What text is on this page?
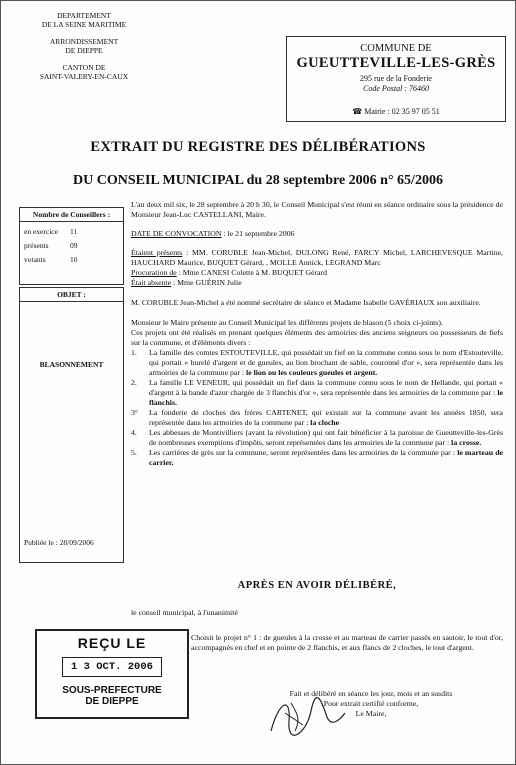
DEPARTEMENT
DE LA SEINE MARITIME
ARRONDISSEMENT
DE DIEPPE
CANTON DE
SAINT-VALERY-EN-CAUX
COMMUNE DE
GUEUTTEVILLE-LES-GRÈS
295 rue de la Fonderie
Code Postal : 76460
☎ Mairie : 02 35 97 05 51
EXTRAIT DU REGISTRE DES DÉLIBÉRATIONS
DU CONSEIL MUNICIPAL du 28 septembre 2006 n° 65/2006
Nombre de Conseillers :
en exercice	11
présents	09
votants	10
OBJET :
BLASONNEMENT
Publiée le : 28/09/2006
L'an deux mil six, le 28 septembre à 20 h 30, le Conseil Municipal s'est réuni en séance ordinaire sous la présidence de Monsieur Jean-Luc CASTELLANI, Maire.
DATE DE CONVOCATION : le 21 septembre 2006
Étaient présents : MM. CORUBLE Jean-Michel, DULONG René, FARCY Michel, LARCHEVESQUE Martine, HAUCHARD Maurice, BUQUET Gérard, , MOLLE Annick, LEGRAND Marc
Procuration de : Mme CANESI Colette à M. BUQUET Gérard
Était absente : Mme GUÉRIN Julie
M. CORUBLE Jean-Michel a été nommé secrétaire de séance et Madame Isabelle GAVÉRIAUX son auxiliaire.
Monsieur le Maire présente au Conseil Municipal les différents projets de blason (5 choix ci-joints).
Ces projets ont été réalisés en prenant quelques éléments des armoiries des anciens seigneurs ou possesseurs de fiefs sur la commune, et d'éléments divers :
1.	La famille des comtes ESTOUTEVILLE, qui possédait un fief en la commune connu sous le nom d'Estouteville, qui portait « burelé d'argent et de gueules, au lion brochant de sable, couronné d'or », sera représentée dans les armoiries de la commune par : le lion ou les couleurs gueules et argent.
2.	La famille LE VENEUR, qui possédait un fief dans la commune connu sous le nom de Hellande, qui portait « d'argent à la bande d'azur chargée de 3 flanchis d'or », sera représentée dans les armoiries de la commune par : le flanchis.
3°	La fonderie de cloches des frères CARTENET, qui existait sur la commune avant les années 1850, sera représentée dans les armoiries de la commune par : la cloche
4.	Les abbesses de Montivilliers (avant la révolution) qui ont fait bénéficier à la paroisse de Gueutteville-les-Grès de nombreuses exemptions d'impôts, seront représentées dans les armoiries de la commune par : la crosse.
5.	Les carrières de grès sur la commune, seront représentées dans les armoiries de la commune par : le marteau de carrier.
APRÈS EN AVOIR DÉLIBÉRÉ,
le conseil municipal, à l'unanimité
Choisit le projet n° 1 : de gueules à la crosse et au marteau de carrier passés en sautoir, le tout d'or, accompagnés en chef et en pointe de 2 flanchis, et aux flancs de 2 cloches, le tout d'argent.
REÇU LE
1 3 OCT. 2006
SOUS-PREFECTURE
DE DIEPPE
Fait et délibéré en séance les jour, mois et an susdits
Pour extrait certifié conforme,
Le Maire,
